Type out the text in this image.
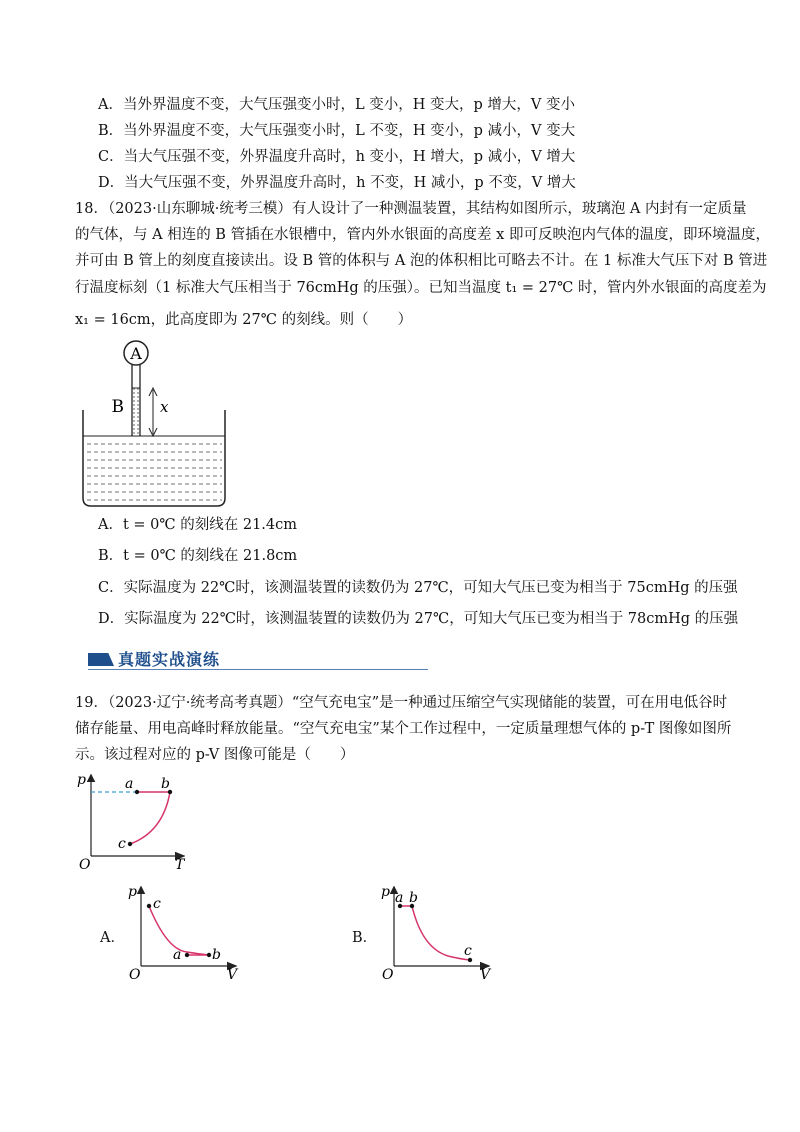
A．当外界温度不变，大气压强变小时，L 变小，H 变大，p 增大，V 变小
B．当外界温度不变，大气压强变小时，L 不变，H 变小，p 减小，V 变大
C．当大气压强不变，外界温度升高时，h 变小，H 增大，p 减小，V 增大
D．当大气压强不变，外界温度升高时，h 不变，H 减小，p 不变，V 增大
18．（2023·山东聊城·统考三模）有人设计了一种测温装置，其结构如图所示，玻璃泡 A 内封有一定质量
的气体，与 A 相连的 B 管插在水银槽中，管内外水银面的高度差 x 即可反映泡内气体的温度，即环境温度，
并可由 B 管上的刻度直接读出。设 B 管的体积与 A 泡的体积相比可略去不计。在 1 标准大气压下对 B 管进
行温度标刻（1 标准大气压相当于 76cmHg 的压强）。已知当温度 t₁ = 27℃ 时，管内外水银面的高度差为
x₁ = 16cm，此高度即为 27℃ 的刻线。则（　　）
A
B x
A．t = 0℃ 的刻线在 21.4cm
B．t = 0℃ 的刻线在 21.8cm
C．实际温度为 22℃时，该测温装置的读数仍为 27℃，可知大气压已变为相当于 75cmHg 的压强
D．实际温度为 22℃时，该测温装置的读数仍为 27℃，可知大气压已变为相当于 78cmHg 的压强
真题实战演练
19．（2023·辽宁·统考高考真题）“空气充电宝”是一种通过压缩空气实现储能的装置，可在用电低谷时
储存能量、用电高峰时释放能量。“空气充电宝”某个工作过程中，一定质量理想气体的 p-T 图像如图所
示。该过程对应的 p-V 图像可能是（　　）
p
T
O
a b
c
A．
p
V
O
c
a b
B．
p
V
O
a b
c
